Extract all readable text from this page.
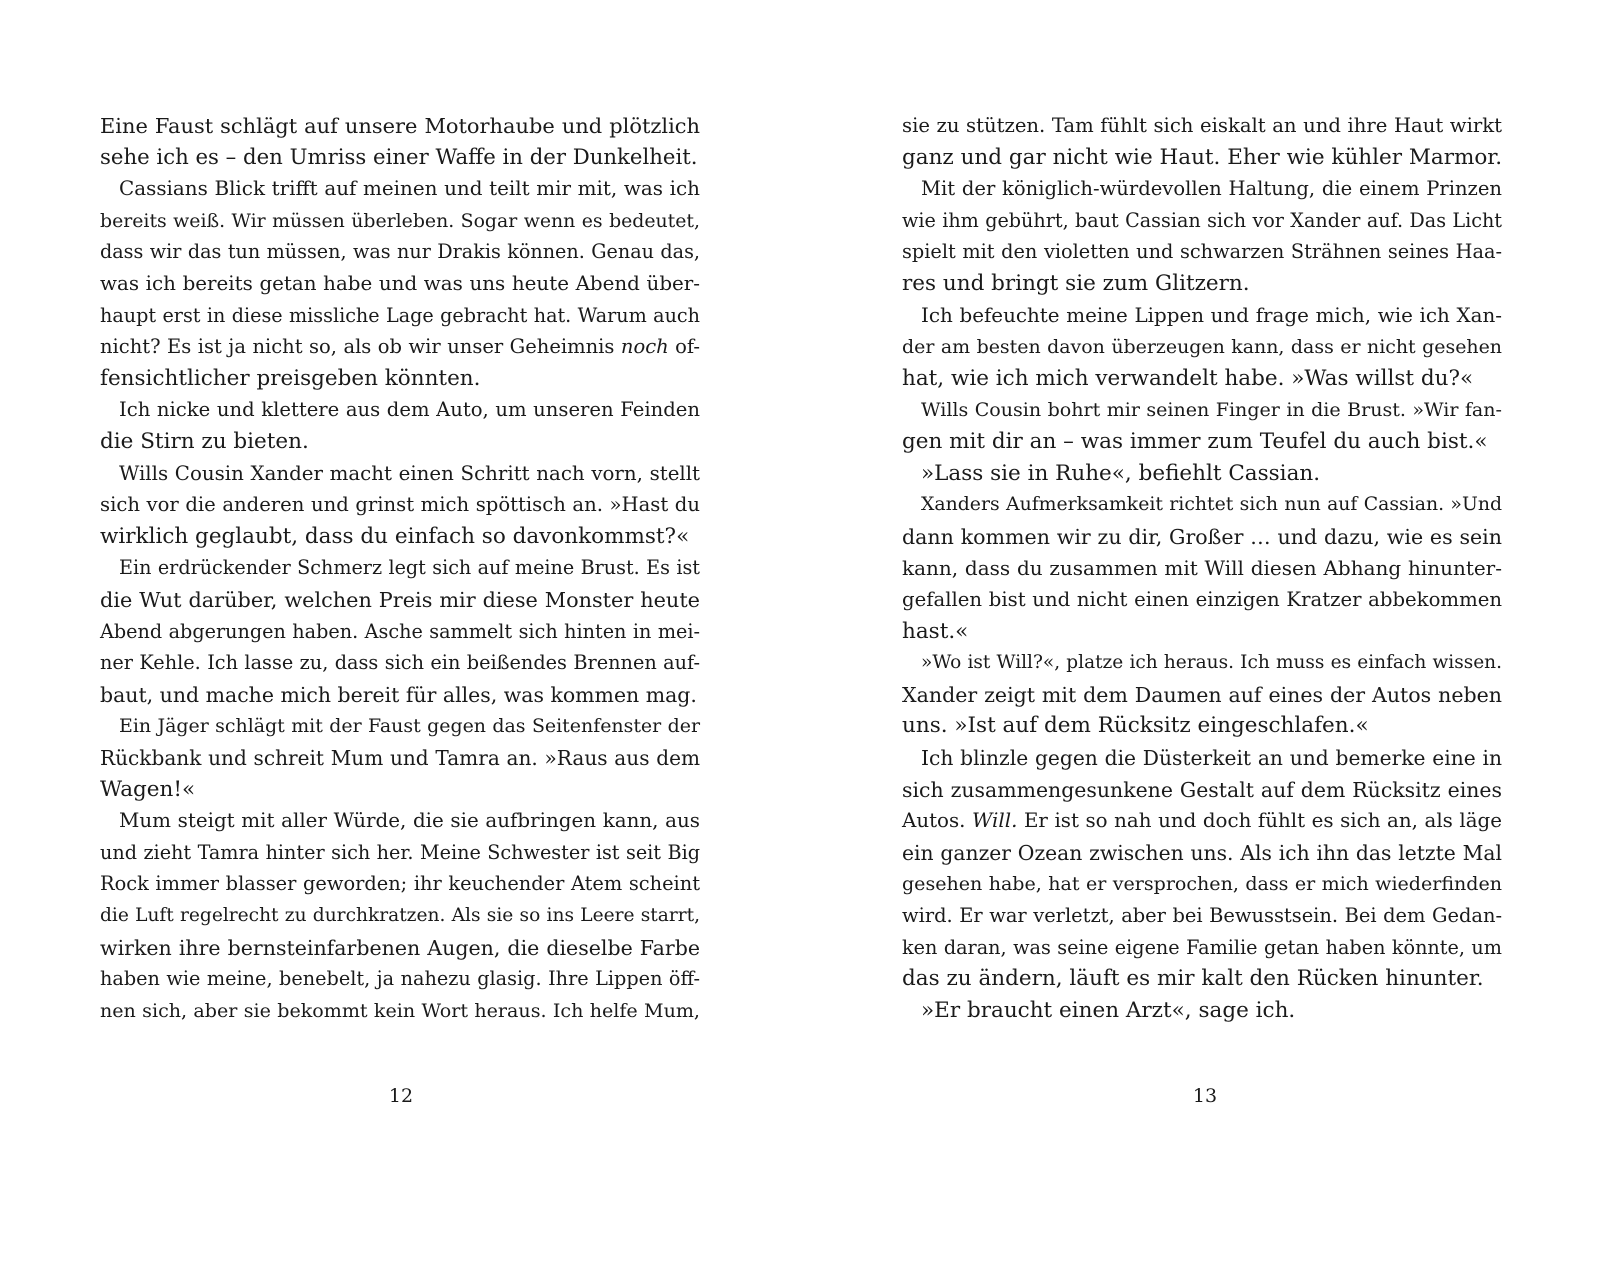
Eine Faust schlägt auf unsere Motorhaube und plötzlich
sehe ich es – den Umriss einer Waffe in der Dunkelheit.
Cassians Blick trifft auf meinen und teilt mir mit, was ich
bereits weiß. Wir müssen überleben. Sogar wenn es bedeutet,
dass wir das tun müssen, was nur Drakis können. Genau das,
was ich bereits getan habe und was uns heute Abend über-
haupt erst in diese missliche Lage gebracht hat. Warum auch
nicht? Es ist ja nicht so, als ob wir unser Geheimnis noch of-
fensichtlicher preisgeben könnten.
Ich nicke und klettere aus dem Auto, um unseren Feinden
die Stirn zu bieten.
Wills Cousin Xander macht einen Schritt nach vorn, stellt
sich vor die anderen und grinst mich spöttisch an. »Hast du
wirklich geglaubt, dass du einfach so davonkommst?«
Ein erdrückender Schmerz legt sich auf meine Brust. Es ist
die Wut darüber, welchen Preis mir diese Monster heute
Abend abgerungen haben. Asche sammelt sich hinten in mei-
ner Kehle. Ich lasse zu, dass sich ein beißendes Brennen auf-
baut, und mache mich bereit für alles, was kommen mag.
Ein Jäger schlägt mit der Faust gegen das Seitenfenster der
Rückbank und schreit Mum und Tamra an. »Raus aus dem
Wagen!«
Mum steigt mit aller Würde, die sie aufbringen kann, aus
und zieht Tamra hinter sich her. Meine Schwester ist seit Big
Rock immer blasser geworden; ihr keuchender Atem scheint
die Luft regelrecht zu durchkratzen. Als sie so ins Leere starrt,
wirken ihre bernsteinfarbenen Augen, die dieselbe Farbe
haben wie meine, benebelt, ja nahezu glasig. Ihre Lippen öff-
nen sich, aber sie bekommt kein Wort heraus. Ich helfe Mum,
sie zu stützen. Tam fühlt sich eiskalt an und ihre Haut wirkt
ganz und gar nicht wie Haut. Eher wie kühler Marmor.
Mit der königlich-würdevollen Haltung, die einem Prinzen
wie ihm gebührt, baut Cassian sich vor Xander auf. Das Licht
spielt mit den violetten und schwarzen Strähnen seines Haa-
res und bringt sie zum Glitzern.
Ich befeuchte meine Lippen und frage mich, wie ich Xan-
der am besten davon überzeugen kann, dass er nicht gesehen
hat, wie ich mich verwandelt habe. »Was willst du?«
Wills Cousin bohrt mir seinen Finger in die Brust. »Wir fan-
gen mit dir an – was immer zum Teufel du auch bist.«
»Lass sie in Ruhe«, befiehlt Cassian.
Xanders Aufmerksamkeit richtet sich nun auf Cassian. »Und
dann kommen wir zu dir, Großer … und dazu, wie es sein
kann, dass du zusammen mit Will diesen Abhang hinunter-
gefallen bist und nicht einen einzigen Kratzer abbekommen
hast.«
»Wo ist Will?«, platze ich heraus. Ich muss es einfach wissen.
Xander zeigt mit dem Daumen auf eines der Autos neben
uns. »Ist auf dem Rücksitz eingeschlafen.«
Ich blinzle gegen die Düsterkeit an und bemerke eine in
sich zusammengesunkene Gestalt auf dem Rücksitz eines
Autos. Will. Er ist so nah und doch fühlt es sich an, als läge
ein ganzer Ozean zwischen uns. Als ich ihn das letzte Mal
gesehen habe, hat er versprochen, dass er mich wiederfinden
wird. Er war verletzt, aber bei Bewusstsein. Bei dem Gedan-
ken daran, was seine eigene Familie getan haben könnte, um
das zu ändern, läuft es mir kalt den Rücken hinunter.
»Er braucht einen Arzt«, sage ich.
12	13
